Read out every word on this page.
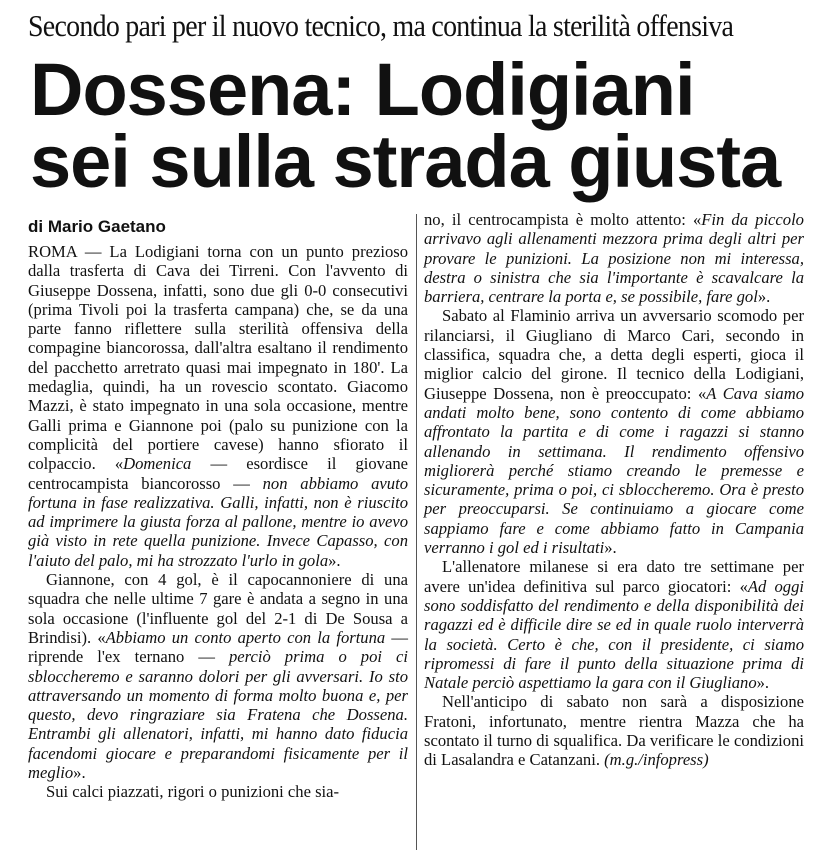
Secondo pari per il nuovo tecnico, ma continua la sterilità offensiva
Dossena: Lodigiani
sei sulla strada giusta
di Mario Gaetano

ROMA — La Lodigiani torna con un punto prezioso dalla trasferta di Cava dei Tirreni. Con l'avvento di Giuseppe Dossena, infatti, sono due gli 0-0 consecutivi (prima Tivoli poi la trasferta campana) che, se da una parte fanno riflettere sulla sterilità offensiva della compagine biancorossa, dall'altra esaltano il rendimento del pacchetto arretrato quasi mai impegnato in 180'. La medaglia, quindi, ha un rovescio scontato. Giacomo Mazzi, è stato impegnato in una sola occasione, mentre Galli prima e Giannone poi (palo su punizione con la complicità del portiere cavese) hanno sfiorato il colpaccio. «Domenica — esordisce il giovane centrocampista biancorosso — non abbiamo avuto fortuna in fase realizzativa. Galli, infatti, non è riuscito ad imprimere la giusta forza al pallone, mentre io avevo già visto in rete quella punizione. Invece Capasso, con l'aiuto del palo, mi ha strozzato l'urlo in gola».

Giannone, con 4 gol, è il capocannoniere di una squadra che nelle ultime 7 gare è andata a segno in una sola occasione (l'influente gol del 2-1 di De Sousa a Brindisi). «Abbiamo un conto aperto con la fortuna — riprende l'ex ternano — perciò prima o poi ci sbloccheremo e saranno dolori per gli avversari. Io sto attraversando un momento di forma molto buona e, per questo, devo ringraziare sia Fratena che Dossena. Entrambi gli allenatori, infatti, mi hanno dato fiducia facendomi giocare e preparandomi fisicamente per il meglio».

Sui calci piazzati, rigori o punizioni che sia-

no, il centrocampista è molto attento: «Fin da piccolo arrivavo agli allenamenti mezzora prima degli altri per provare le punizioni. La posizione non mi interessa, destra o sinistra che sia l'importante è scavalcare la barriera, centrare la porta e, se possibile, fare gol».

Sabato al Flaminio arriva un avversario scomodo per rilanciarsi, il Giugliano di Marco Cari, secondo in classifica, squadra che, a detta degli esperti, gioca il miglior calcio del girone. Il tecnico della Lodigiani, Giuseppe Dossena, non è preoccupato: «A Cava siamo andati molto bene, sono contento di come abbiamo affrontato la partita e di come i ragazzi si stanno allenando in settimana. Il rendimento offensivo migliorerà perché stiamo creando le premesse e sicuramente, prima o poi, ci sbloccheremo. Ora è presto per preoccuparsi. Se continuiamo a giocare come sappiamo fare e come abbiamo fatto in Campania verranno i gol ed i risultati».

L'allenatore milanese si era dato tre settimane per avere un'idea definitiva sul parco giocatori: «Ad oggi sono soddisfatto del rendimento e della disponibilità dei ragazzi ed è difficile dire se ed in quale ruolo interverrà la società. Certo è che, con il presidente, ci siamo ripromessi di fare il punto della situazione prima di Natale perciò aspettiamo la gara con il Giugliano».

Nell'anticipo di sabato non sarà a disposizione Fratoni, infortunato, mentre rientra Mazza che ha scontato il turno di squalifica. Da verificare le condizioni di Lasalandra e Catanzani. (m.g./infopress)
